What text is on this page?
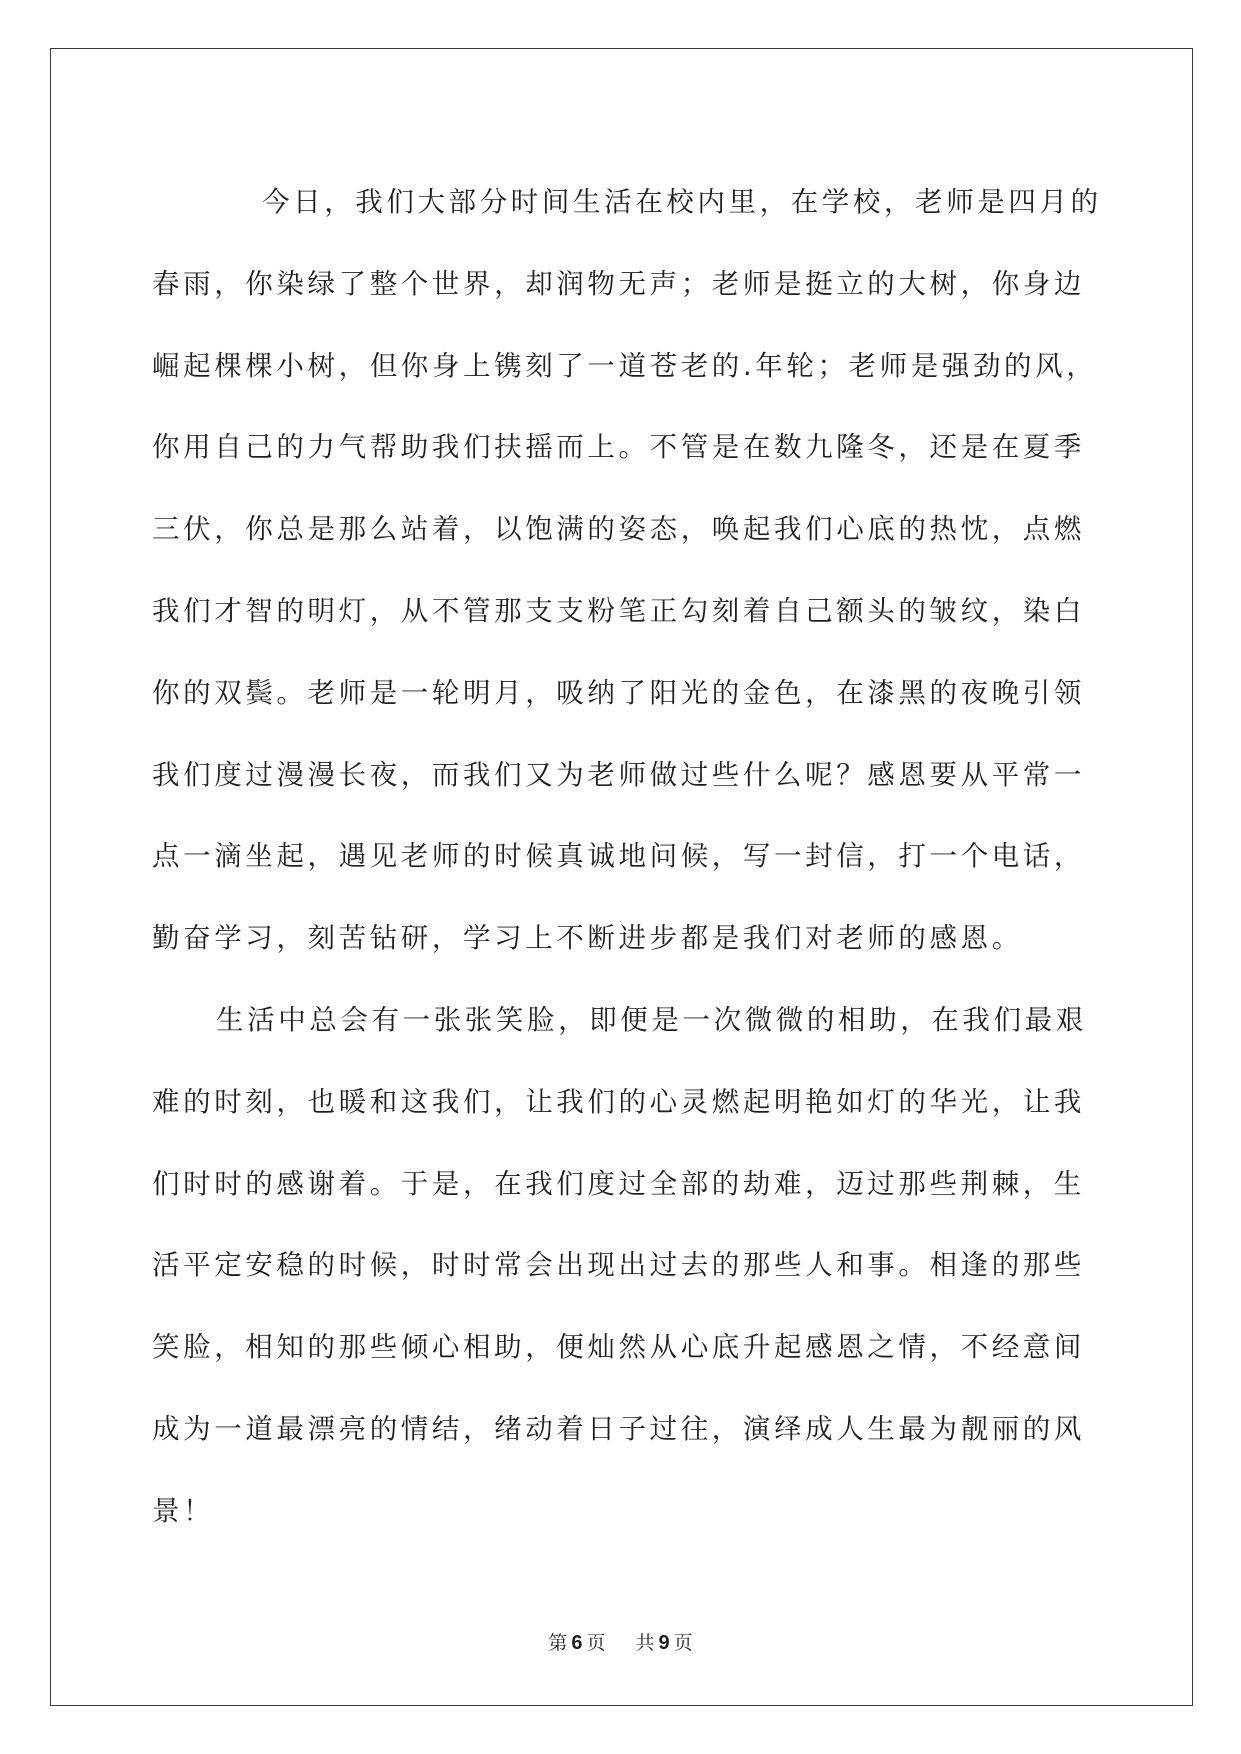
今日，我们大部分时间生活在校内里，在学校，老师是四月的
春雨，你染绿了整个世界，却润物无声；老师是挺立的大树，你身边
崛起棵棵小树，但你身上镌刻了一道苍老的.年轮；老师是强劲的风，
你用自己的力气帮助我们扶摇而上。不管是在数九隆冬，还是在夏季
三伏，你总是那么站着，以饱满的姿态，唤起我们心底的热忱，点燃
我们才智的明灯，从不管那支支粉笔正勾刻着自己额头的皱纹，染白
你的双鬓。老师是一轮明月，吸纳了阳光的金色，在漆黑的夜晚引领
我们度过漫漫长夜，而我们又为老师做过些什么呢？感恩要从平常一
点一滴坐起，遇见老师的时候真诚地问候，写一封信，打一个电话，
勤奋学习，刻苦钻研，学习上不断进步都是我们对老师的感恩。
生活中总会有一张张笑脸，即便是一次微微的相助，在我们最艰
难的时刻，也暖和这我们，让我们的心灵燃起明艳如灯的华光，让我
们时时的感谢着。于是，在我们度过全部的劫难，迈过那些荆棘，生
活平定安稳的时候，时时常会出现出过去的那些人和事。相逢的那些
笑脸，相知的那些倾心相助，便灿然从心底升起感恩之情，不经意间
成为一道最漂亮的情结，绪动着日子过往，演绎成人生最为靓丽的风
景！
第 6 页 共 9 页
